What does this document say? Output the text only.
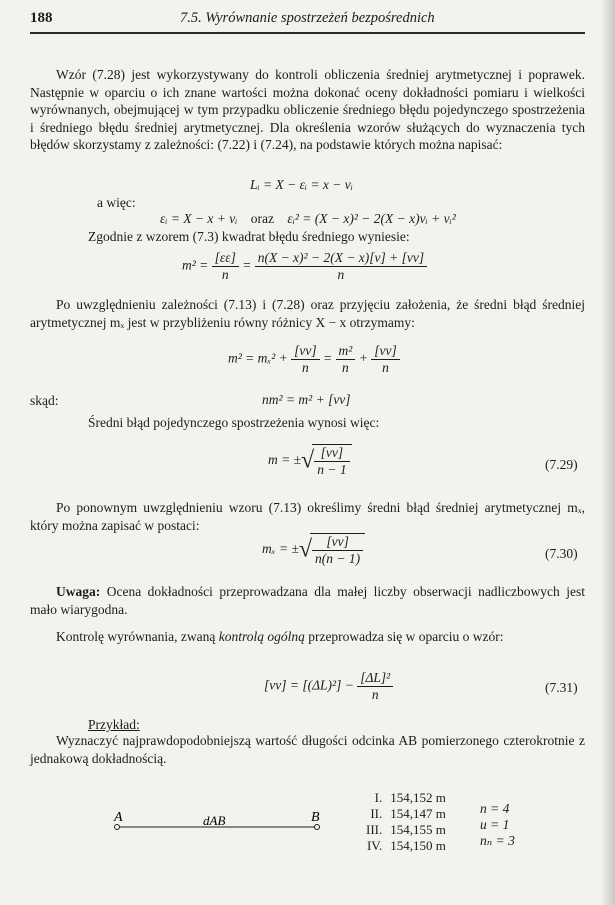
188	7.5. Wyrównanie spostrzeżeń bezpośrednich
Wzór (7.28) jest wykorzystywany do kontroli obliczenia średniej arytmetycznej i poprawek. Następnie w oparciu o ich znane wartości można dokonać oceny dokładności pomiaru i wielkości wyrównanych, obejmującej w tym przypadku obliczenie średniego błędu pojedynczego spostrzeżenia i średniego błędu średniej arytmetycznej. Dla określenia wzorów służących do wyznaczenia tych błędów skorzystamy z zależności: (7.22) i (7.24), na podstawie których można napisać:
Lᵢ = X − εᵢ = x − vᵢ
a więc:
εᵢ = X − x + vᵢ oraz εᵢ² = (X − x)² − 2(X − x)vᵢ + vᵢ²
Zgodnie z wzorem (7.3) kwadrat błędu średniego wyniesie:
$m^2 = \frac{[\varepsilon\varepsilon]}{n} = \frac{\text{n(X − x)² − 2(X − x)[v] + [vv]}}{n}$
Po uwzględnieniu zależności (7.13) i (7.28) oraz przyjęciu założenia, że średni błąd średniej arytmetycznej mₓ jest w przybliżeniu równy różnicy X − x otrzymamy:
$m^2 = m_x^2 + \frac{[vv]}{n} = \frac{\text{m²}}{n} + \frac{[vv]}{n}$
skąd:	nm² = m² + [vv]
Średni błąd pojedynczego spostrzeżenia wynosi więc:
m = ±√ $\frac{[vv]}{n - 1}$	(7.29)
Po ponownym uwzględnieniu wzoru (7.13) określimy średni błąd średniej arytmetycznej mₓ, który można zapisać w postaci:
mₓ = ±√ $\frac{[vv]}{n(n - 1)}$	(7.30)
Uwaga: Ocena dokładności przeprowadzana dla małej liczby obserwacji nadliczbowych jest mało wiarygodna.
Kontrolę wyrównania, zwaną kontrolą ogólną przeprowadza się w oparciu o wzór:
$[vv] = [(\Delta L)^2] - \frac{\text{[ΔL]²}}{n}$	(7.31)
Przykład:
Wyznaczyć najprawdopodobniejszą wartość długości odcinka AB pomierzonego czterokrotnie z jednakową dokładnością.
A	B
dAB
I.	154,152 m
II.	154,147 m
III.	154,155 m
IV.	154,150 m
n = 4
u = 1
nₙ = 3
